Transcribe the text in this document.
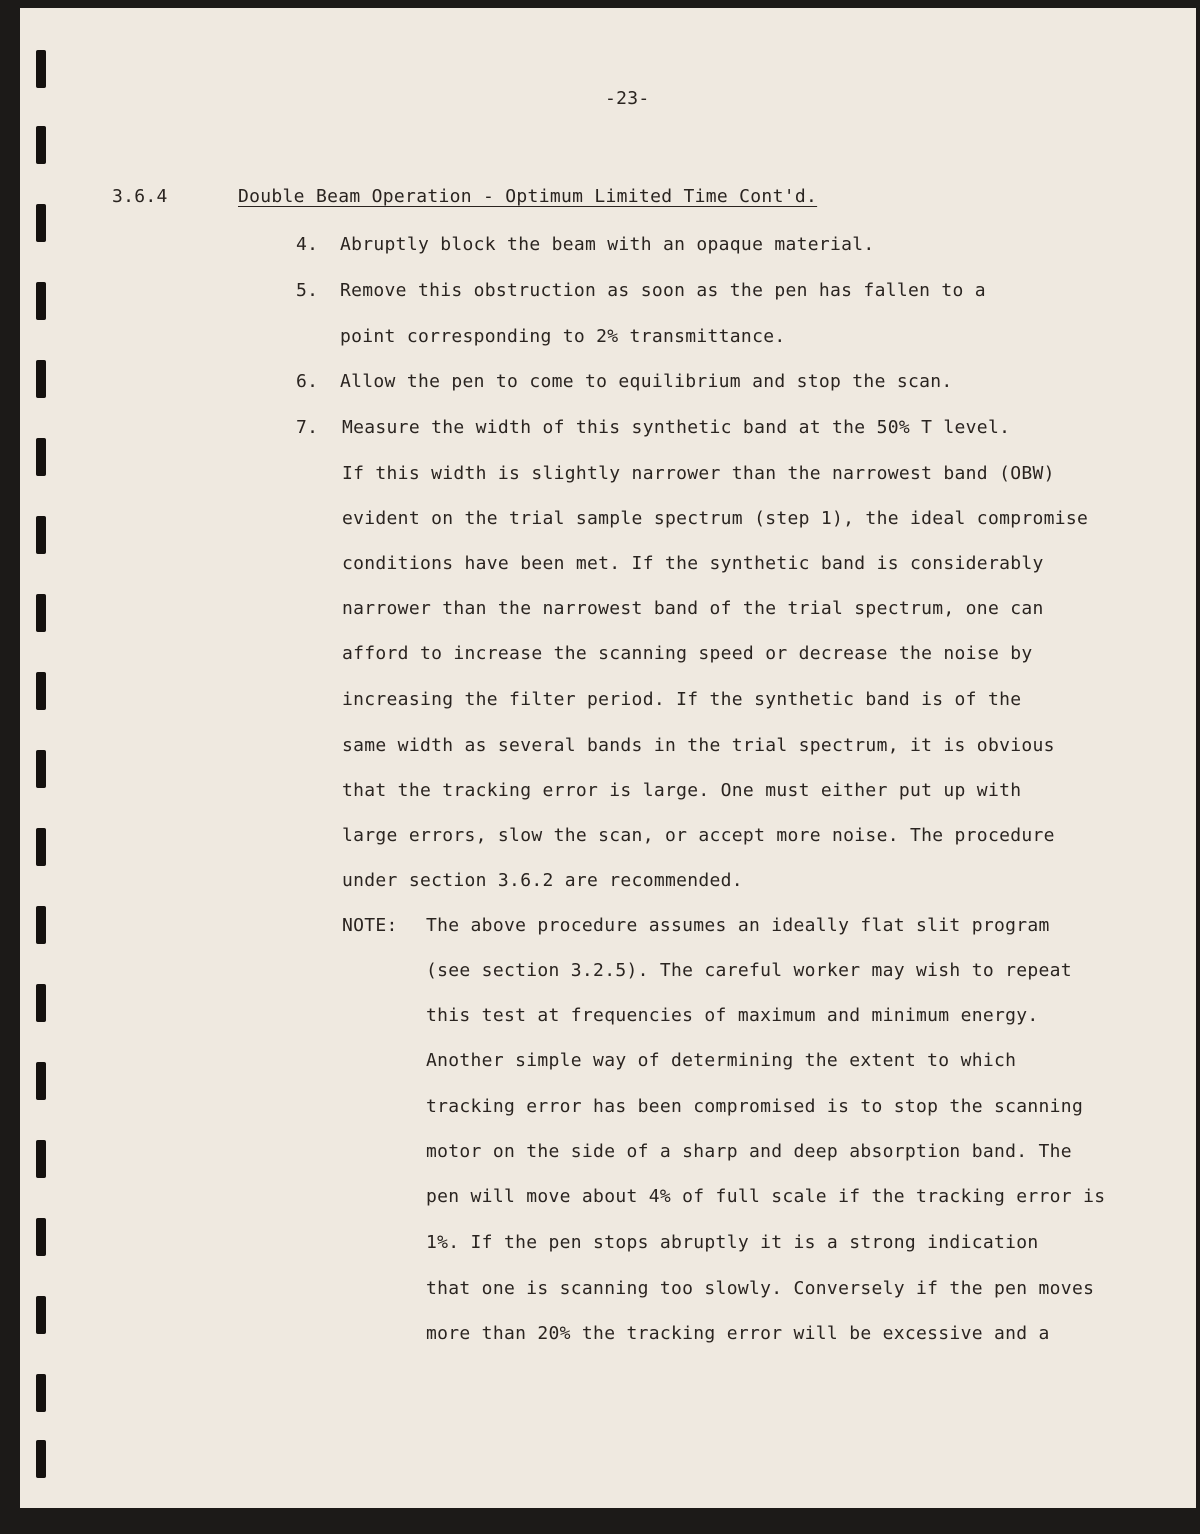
-23-
3.6.4	Double Beam Operation - Optimum Limited Time Cont'd.
4. Abruptly block the beam with an opaque material.
5. Remove this obstruction as soon as the pen has fallen to a
point corresponding to 2% transmittance.
6. Allow the pen to come to equilibrium and stop the scan.
7. Measure the width of this synthetic band at the 50% T level.
If this width is slightly narrower than the narrowest band (OBW)
evident on the trial sample spectrum (step 1), the ideal compromise
conditions have been met. If the synthetic band is considerably
narrower than the narrowest band of the trial spectrum, one can
afford to increase the scanning speed or decrease the noise by
increasing the filter period. If the synthetic band is of the
same width as several bands in the trial spectrum, it is obvious
that the tracking error is large. One must either put up with
large errors, slow the scan, or accept more noise. The procedure
under section 3.6.2 are recommended.
NOTE: The above procedure assumes an ideally flat slit program
(see section 3.2.5). The careful worker may wish to repeat
this test at frequencies of maximum and minimum energy.
Another simple way of determining the extent to which
tracking error has been compromised is to stop the scanning
motor on the side of a sharp and deep absorption band. The
pen will move about 4% of full scale if the tracking error is
1%. If the pen stops abruptly it is a strong indication
that one is scanning too slowly. Conversely if the pen moves
more than 20% the tracking error will be excessive and a
